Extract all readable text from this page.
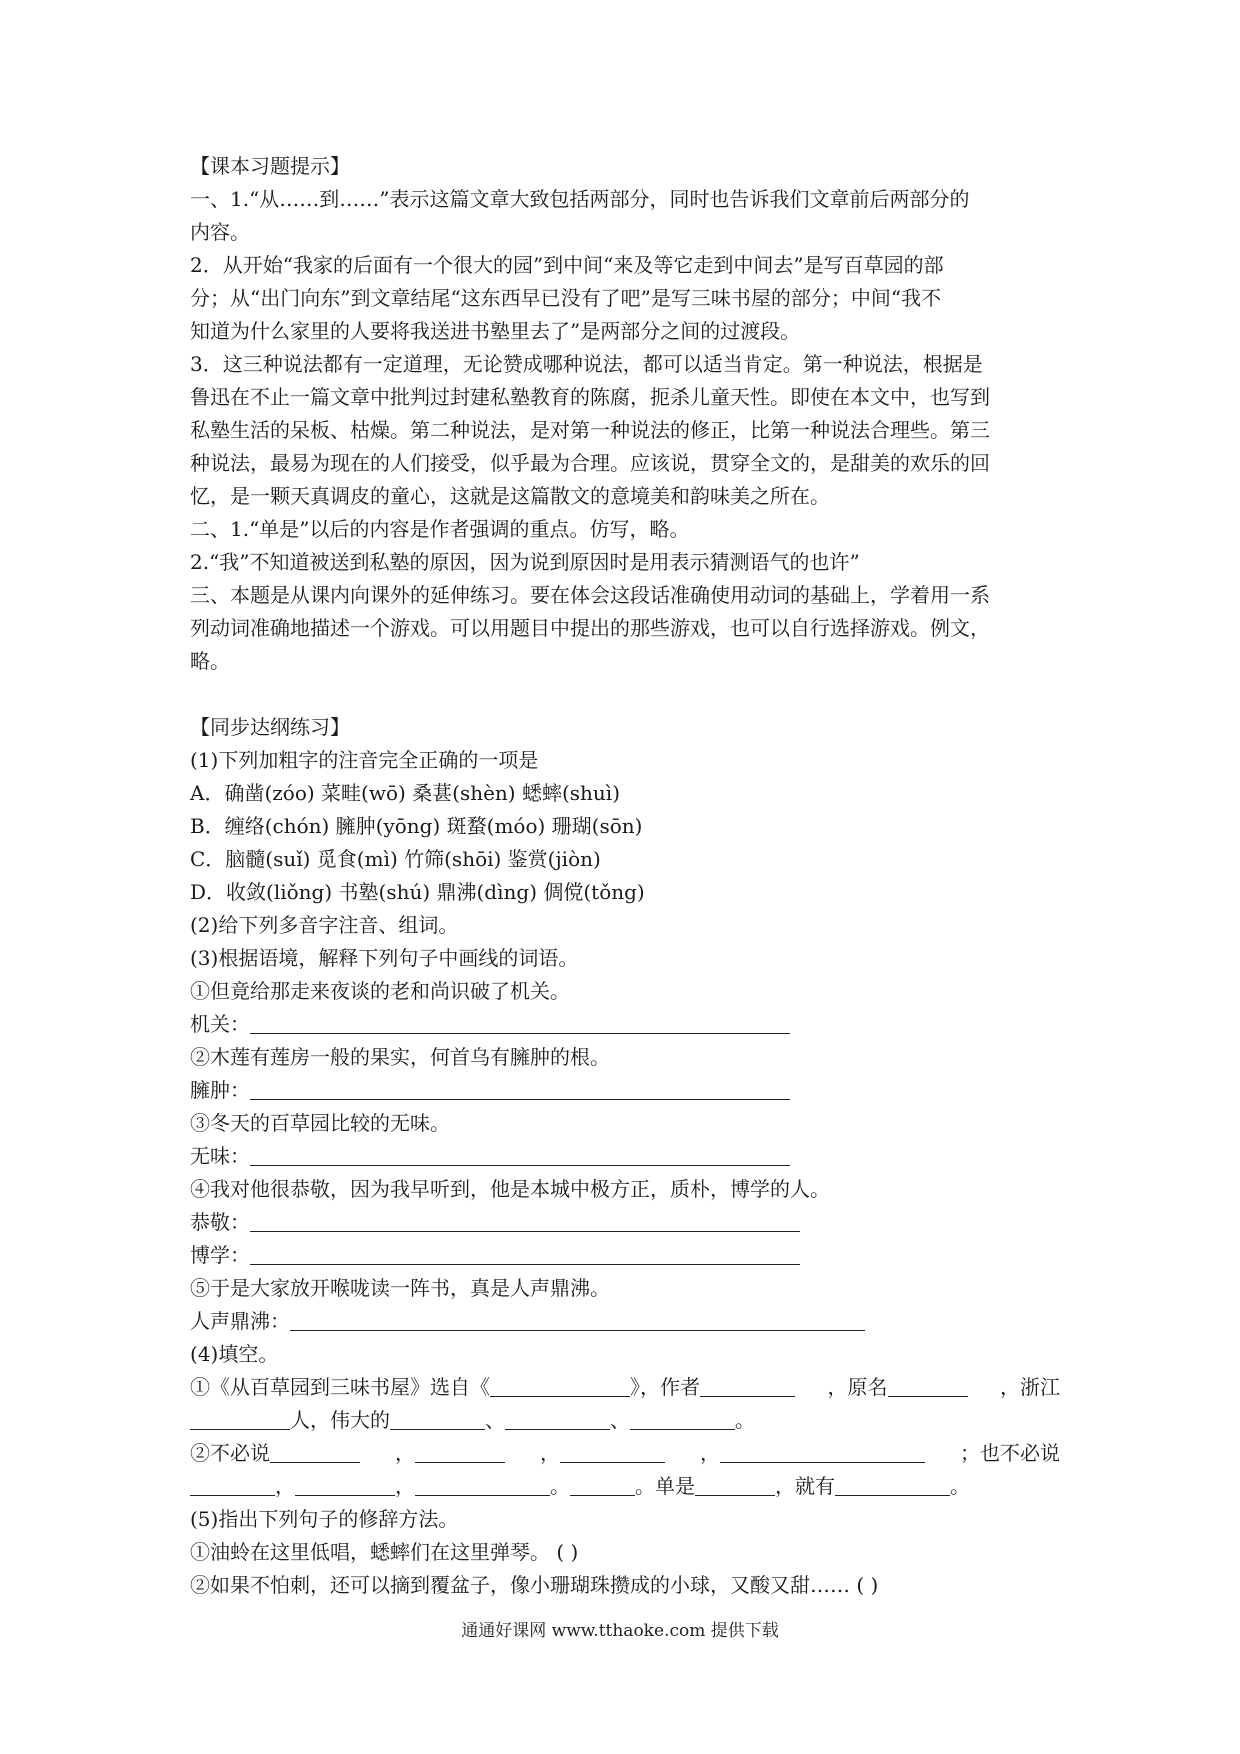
【课本习题提示】
一、1.“从……到……”表示这篇文章大致包括两部分，同时也告诉我们文章前后两部分的
内容。
2．从开始“我家的后面有一个很大的园”到中间“来及等它走到中间去”是写百草园的部
分；从“出门向东”到文章结尾“这东西早已没有了吧”是写三味书屋的部分；中间“我不
知道为什么家里的人要将我送进书塾里去了”是两部分之间的过渡段。
3．这三种说法都有一定道理，无论赞成哪种说法，都可以适当肯定。第一种说法，根据是
鲁迅在不止一篇文章中批判过封建私塾教育的陈腐，扼杀儿童天性。即使在本文中，也写到
私塾生活的呆板、枯燥。第二种说法，是对第一种说法的修正，比第一种说法合理些。第三
种说法，最易为现在的人们接受，似乎最为合理。应该说，贯穿全文的，是甜美的欢乐的回
忆，是一颗天真调皮的童心，这就是这篇散文的意境美和韵味美之所在。
二、1.“单是”以后的内容是作者强调的重点。仿写，略。
2.“我”不知道被送到私塾的原因，因为说到原因时是用表示猜测语气的也许”
三、本题是从课内向课外的延伸练习。要在体会这段话准确使用动词的基础上，学着用一系
列动词准确地描述一个游戏。可以用题目中提出的那些游戏，也可以自行选择游戏。例文，
略。
【同步达纲练习】
(1)下列加粗字的注音完全正确的一项是
A．确凿(zóo) 菜畦(wō) 桑葚(shèn) 蟋蟀(shuì)
B．缠络(chón) 臃肿(yōng) 斑蝥(móo) 珊瑚(sōn)
C．脑髓(suǐ) 觅食(mì) 竹筛(shōi) 鉴赏(jiòn)
D．收敛(liǒng) 书塾(shú) 鼎沸(dìng) 倜傥(tǒng)
(2)给下列多音字注音、组词。
(3)根据语境，解释下列句子中画线的词语。
①但竟给那走来夜谈的老和尚识破了机关。
机关：
②木莲有莲房一般的果实，何首乌有臃肿的根。
臃肿：
③冬天的百草园比较的无味。
无味：
④我对他很恭敬，因为我早听到，他是本城中极方正，质朴，博学的人。
恭敬：
博学：
⑤于是大家放开喉咙读一阵书，真是人声鼎沸。
人声鼎沸：
(4)填空。
①《从百草园到三味书屋》选自《	》，作者	，原名	，浙江
人，伟大的	、	、	。
②不必说	，	，	，	；也不必说
，	，	。	。单是	，就有	。
(5)指出下列句子的修辞方法。
①油蛉在这里低唱，蟋蟀们在这里弹琴。 ( )
②如果不怕刺，还可以摘到覆盆子，像小珊瑚珠攒成的小球，又酸又甜…… ( )
通通好课网 www.tthaoke.com 提供下载
